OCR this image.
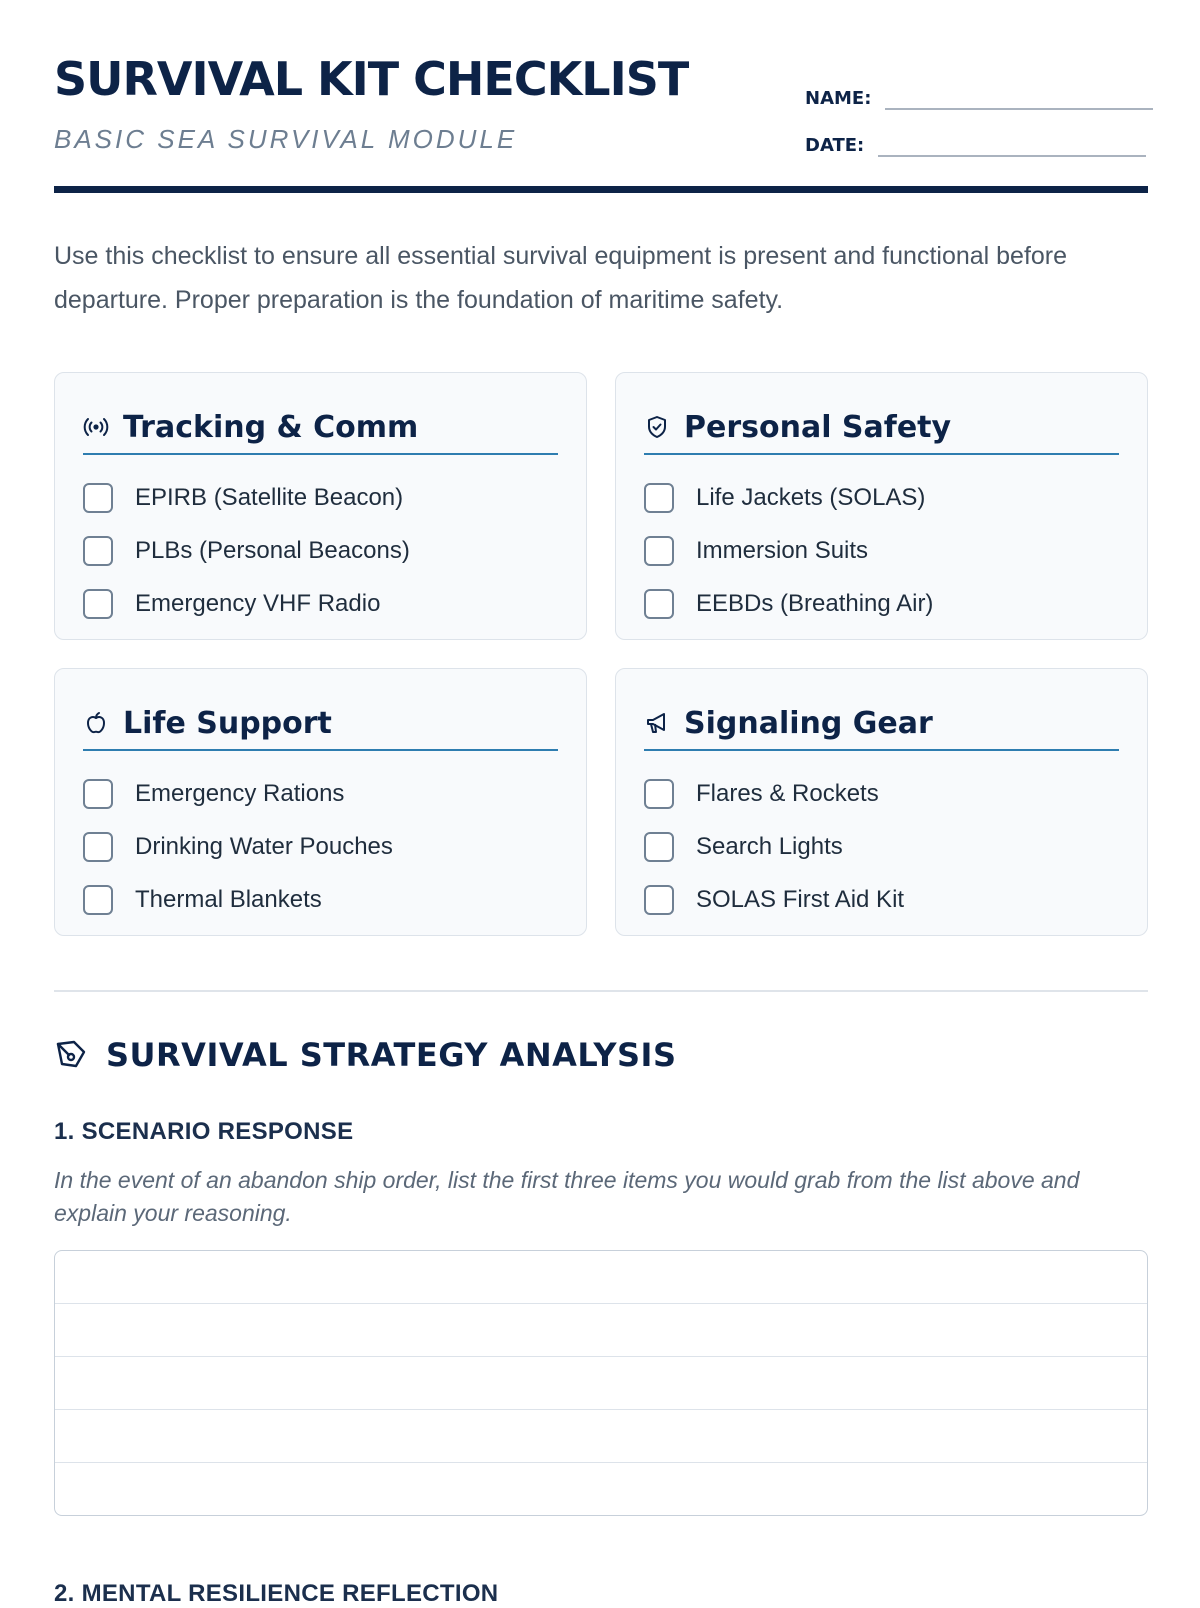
SURVIVAL KIT CHECKLIST
BASIC SEA SURVIVAL MODULE
NAME:
DATE:

Use this checklist to ensure all essential survival equipment is present and functional before departure. Proper preparation is the foundation of maritime safety.

Tracking & Comm
EPIRB (Satellite Beacon)
PLBs (Personal Beacons)
Emergency VHF Radio
Personal Safety
Life Jackets (SOLAS)
Immersion Suits
EEBDs (Breathing Air)
Life Support
Emergency Rations
Drinking Water Pouches
Thermal Blankets
Signaling Gear
Flares & Rockets
Search Lights
SOLAS First Aid Kit
SURVIVAL STRATEGY ANALYSIS
1. SCENARIO RESPONSE
In the event of an abandon ship order, list the first three items you would grab from the list above and explain your reasoning.
2. MENTAL RESILIENCE REFLECTION
